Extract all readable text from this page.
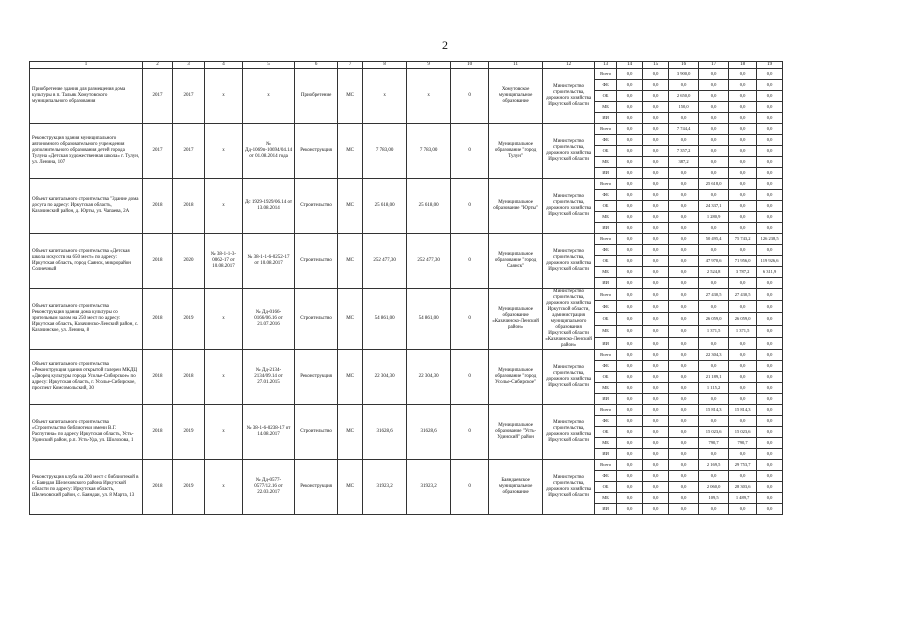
2
1	2	3	4	5	6	7	8	9	10	11	12	13	14	15	16	17	18	19
Приобретение здания для размещения дома культуры в п. Тальяк Хомутовского муниципального образования	2017	2017	x	x	Приобретение	МС	x	x	0	Хомутовское муниципальное образование	Министерство строительства, дорожного хозяйства Иркутской области	Всего	0,0	0,0	3 900,0	0,0	0,0	0,0
												ФБ	0,0	0,0	0,0	0,0	0,0	0,0
												ОБ	0,0	0,0	2 650,0	0,0	0,0	0,0
												МБ	0,0	0,0	150,0	0,0	0,0	0,0
												ИИ	0,0	0,0	0,0	0,0	0,0	0,0
Реконструкция здания муниципального автономного образовательного учреждения дополнительного образования детей города Тулуна «Детская художественная школа» г. Тулун, ул. Ленина, 107	2017	2017	x	№ Дд-1069п-10694/04.14 от 01.08.2014 года	Реконструкция	МС	7 783,00	7 783,00	0	Муниципальное образование "город Тулун"	Министерство строительства, дорожного хозяйства Иркутской области	Всего	0,0	0,0	7 744,4	0,0	0,0	0,0
												ФБ	0,0	0,0	0,0	0,0	0,0	0,0
												ОБ	0,0	0,0	7 357,2	0,0	0,0	0,0
												МБ	0,0	0,0	387,2	0,0	0,0	0,0
												ИИ	0,0	0,0	0,0	0,0	0,0	0,0
Объект капитального строительства "Здание дома досуга по адресу: Иркутская область, Казачинский район, д. Юрты, ул. Чапаева, 2А	2018	2018	x	Дс 1929-1929/06.14 от 13.08.2014	Строительство	МС	25 618,00	25 618,00	0	Муниципальное образование "Юрты"	Министерство строительства, дорожного хозяйства Иркутской области	Всего	0,0	0,0	0,0	25 618,0	0,0	0,0
												ФБ	0,0	0,0	0,0	0,0	0,0	0,0
												ОБ	0,0	0,0	0,0	24 337,1	0,0	0,0
												МБ	0,0	0,0	0,0	1 280,9	0,0	0,0
												ИИ	0,0	0,0	0,0	0,0	0,0	0,0
Объект капитального строительства «Детская школа искусств на 650 мест» по адресу: Иркутская область, город Саянск, микрорайон Солнечный	2018	2020	№ 38-1-1-3-0062-17 от 10.08.2017	№ 38-1-1-6-0252-17 от 10.08.2017	Строительство	МС	252 477,30	252 477,30	0	Муниципальное образование "город Саянск"	Министерство строительства, дорожного хозяйства Иркутской области	Всего	0,0	0,0	0,0	50 495,4	75 743,2	126 238,5
												ФБ	0,0	0,0	0,0	0,0	0,0	0,0
												ОБ	0,0	0,0	0,0	47 970,6	71 956,0	119 926,6
												МБ	0,0	0,0	0,0	2 524,8	3 787,2	6 311,9
												ИИ	0,0	0,0	0,0	0,0	0,0	0,0
Объект капитального строительства Реконструкция здания дома культуры со зрительным залом на 250 мест по адресу: Иркутская область, Казачинско-Ленский район, с. Казачинское, ул. Ленина, 8	2018	2019	x	№ Дд-0166-0166/06.16 от 21.07.2016	Строительство	МС	54 861,00	54 861,00	0	Муниципальное образование «Казачинско-Ленский район»	Министерство строительства, дорожного хозяйства Иркутской области, администрация муниципального образования Иркутской области «Казачинско-Ленский район»	Всего	0,0	0,0	0,0	27 430,5	27 430,5	0,0
												ФБ	0,0	0,0	0,0	0,0	0,0	0,0
												ОБ	0,0	0,0	0,0	26 059,0	26 059,0	0,0
												МБ	0,0	0,0	0,0	1 371,5	1 371,5	0,0
												ИИ	0,0	0,0	0,0	0,0	0,0	0,0
Объект капитального строительства «Реконструкция здания открытой галереи МКДЦ «Дворец культуры города Усолье-Сибирское» по адресу: Иркутская область, г. Усолье-Сибирское, проспект Комсомольский, 30	2018	2018	x	№ Дд-2134-2134/09.14 от 27.01.2015	Реконструкция	МС	22 304,30	22 304,30	0	Муниципальное образование "город Усолье-Сибирское"	Министерство строительства, дорожного хозяйства Иркутской области	Всего	0,0	0,0	0,0	22 304,3	0,0	0,0
												ФБ	0,0	0,0	0,0	0,0	0,0	0,0
												ОБ	0,0	0,0	0,0	21 189,1	0,0	0,0
												МБ	0,0	0,0	0,0	1 115,2	0,0	0,0
												ИИ	0,0	0,0	0,0	0,0	0,0	0,0
Объект капитального строительства «Строительство библиотеки имени В.Г. Распутина» по адресу Иркутская область, Усть-Удинский район, р.п. Усть-Уда, ул. Шолохова, 1	2018	2019	x	№ 38-1-6-0238-17 от 14.08.2017	Строительство	МС	31628,6	31628,6	0	Муниципальное образование "Усть-Удинский" район	Министерство строительства, дорожного хозяйства Иркутской области	Всего	0,0	0,0	0,0	15 814,3	15 814,3	0,0
												ФБ	0,0	0,0	0,0	0,0	0,0	0,0
												ОБ	0,0	0,0	0,0	15 023,6	15 023,6	0,0
												МБ	0,0	0,0	0,0	790,7	790,7	0,0
												ИИ	0,0	0,0	0,0	0,0	0,0	0,0
Реконструкция клуба на 200 мест с библиотекой в с. Баяндаи Шелеховского района Иркутской области по адресу: Иркутская область, Шелеховский район, с. Баяндаи, ул. 8 Марта, 13	2018	2019	x	№ Дд-0577-0577/12.16 от 22.03.2017	Реконструкция	МС	31923,2	31923,2	0	Баяндаевское муниципальное образование	Министерство строительства, дорожного хозяйства Иркутской области	Всего	0,0	0,0	0,0	2 169,5	29 753,7	0,0
												ФБ	0,0	0,0	0,0	0,0	0,0	0,0
												ОБ	0,0	0,0	0,0	2 060,0	28 303,6	0,0
												МБ	0,0	0,0	0,0	109,5	1 489,7	0,0
												ИИ	0,0	0,0	0,0	0,0	0,0	0,0
